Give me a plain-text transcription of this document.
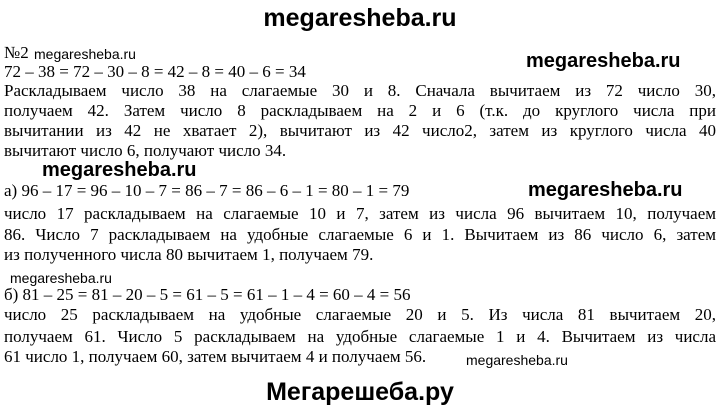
megaresheba.ru
№2 megaresheba.ru	megaresheba.ru
72 – 38 = 72 – 30 – 8 = 42 – 8 = 40 – 6 = 34
Раскладываем число 38 на слагаемые 30 и 8. Сначала вычитаем из 72 число 30,
получаем 42. Затем число 8 раскладываем на 2 и 6 (т.к. до круглого числа при
вычитании из 42 не хватает 2), вычитают из 42 число2, затем из круглого числа 40
вычитают число 6, получают число 34.
megaresheba.ru
megaresheba.ru
а) 96 – 17 = 96 – 10 – 7 = 86 – 7 = 86 – 6 – 1 = 80 – 1 = 79
число 17 раскладываем на слагаемые 10 и 7, затем из числа 96 вычитаем 10, получаем
86. Число 7 раскладываем на удобные слагаемые 6 и 1. Вычитаем из 86 число 6, затем
из полученного числа 80 вычитаем 1, получаем 79.
megaresheba.ru
б) 81 – 25 = 81 – 20 – 5 = 61 – 5 = 61 – 1 – 4 = 60 – 4 = 56
число 25 раскладываем на удобные слагаемые 20 и 5. Из числа 81 вычитаем 20,
получаем 61. Число 5 раскладываем на удобные слагаемые 1 и 4. Вычитаем из числа
61 число 1, получаем 60, затем вычитаем 4 и получаем 56.	megaresheba.ru
Мегарешеба.ру
